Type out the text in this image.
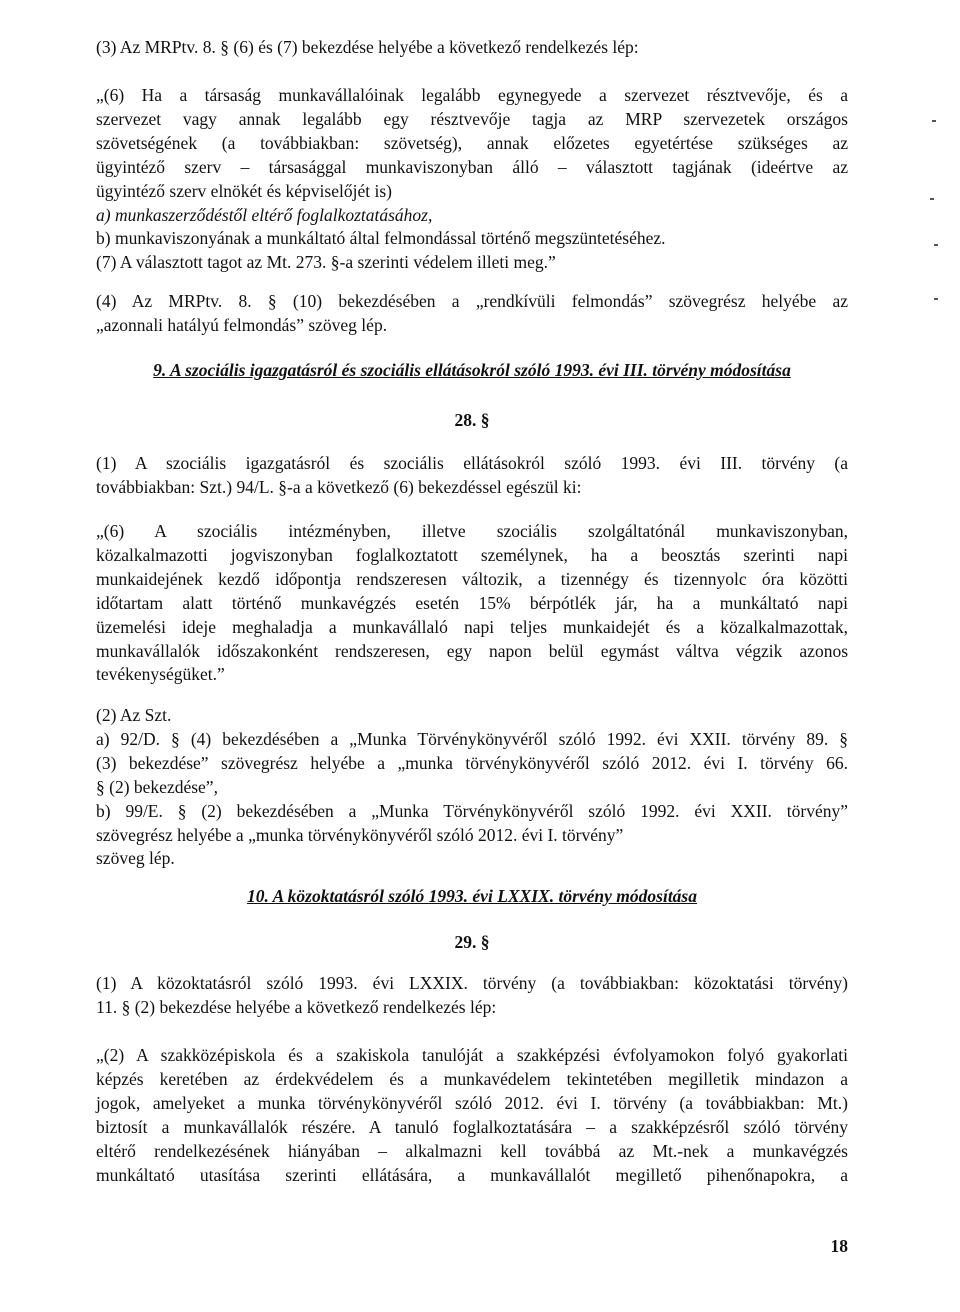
(3) Az MRPtv. 8. § (6) és (7) bekezdése helyébe a következő rendelkezés lép:
„(6) Ha a társaság munkavállalóinak legalább egynegyede a szervezet résztvevője, és a
szervezet vagy annak legalább egy résztvevője tagja az MRP szervezetek országos
szövetségének (a továbbiakban: szövetség), annak előzetes egyetértése szükséges az
ügyintéző szerv – társasággal munkaviszonyban álló – választott tagjának (ideértve az
ügyintéző szerv elnökét és képviselőjét is)
a) munkaszerződéstől eltérő foglalkoztatásához,
b) munkaviszonyának a munkáltató által felmondással történő megszüntetéséhez.
(7) A választott tagot az Mt. 273. §-a szerinti védelem illeti meg.”
(4) Az MRPtv. 8. § (10) bekezdésében a „rendkívüli felmondás” szövegrész helyébe az
„azonnali hatályú felmondás” szöveg lép.
9. A szociális igazgatásról és szociális ellátásokról szóló 1993. évi III. törvény módosítása
28. §
(1) A szociális igazgatásról és szociális ellátásokról szóló 1993. évi III. törvény (a
továbbiakban: Szt.) 94/L. §-a a következő (6) bekezdéssel egészül ki:
„(6) A szociális intézményben, illetve szociális szolgáltatónál munkaviszonyban,
közalkalmazotti jogviszonyban foglalkoztatott személynek, ha a beosztás szerinti napi
munkaidejének kezdő időpontja rendszeresen változik, a tizennégy és tizennyolc óra közötti
időtartam alatt történő munkavégzés esetén 15% bérpótlék jár, ha a munkáltató napi
üzemelési ideje meghaladja a munkavállaló napi teljes munkaidejét és a közalkalmazottak,
munkavállalók időszakonként rendszeresen, egy napon belül egymást váltva végzik azonos
tevékenységüket.”
(2) Az Szt.
a) 92/D. § (4) bekezdésében a „Munka Törvénykönyvéről szóló 1992. évi XXII. törvény 89. §
(3) bekezdése” szövegrész helyébe a „munka törvénykönyvéről szóló 2012. évi I. törvény 66.
§ (2) bekezdése”,
b) 99/E. § (2) bekezdésében a „Munka Törvénykönyvéről szóló 1992. évi XXII. törvény”
szövegrész helyébe a „munka törvénykönyvéről szóló 2012. évi I. törvény”
szöveg lép.
10. A közoktatásról szóló 1993. évi LXXIX. törvény módosítása
29. §
(1) A közoktatásról szóló 1993. évi LXXIX. törvény (a továbbiakban: közoktatási törvény)
11. § (2) bekezdése helyébe a következő rendelkezés lép:
„(2) A szakközépiskola és a szakiskola tanulóját a szakképzési évfolyamokon folyó gyakorlati
képzés keretében az érdekvédelem és a munkavédelem tekintetében megilletik mindazon a
jogok, amelyeket a munka törvénykönyvéről szóló 2012. évi I. törvény (a továbbiakban: Mt.)
biztosít a munkavállalók részére. A tanuló foglalkoztatására – a szakképzésről szóló törvény
eltérő rendelkezésének hiányában – alkalmazni kell továbbá az Mt.-nek a munkavégzés
munkáltató utasítása szerinti ellátására, a munkavállalót megillető pihenőnapokra, a
18
